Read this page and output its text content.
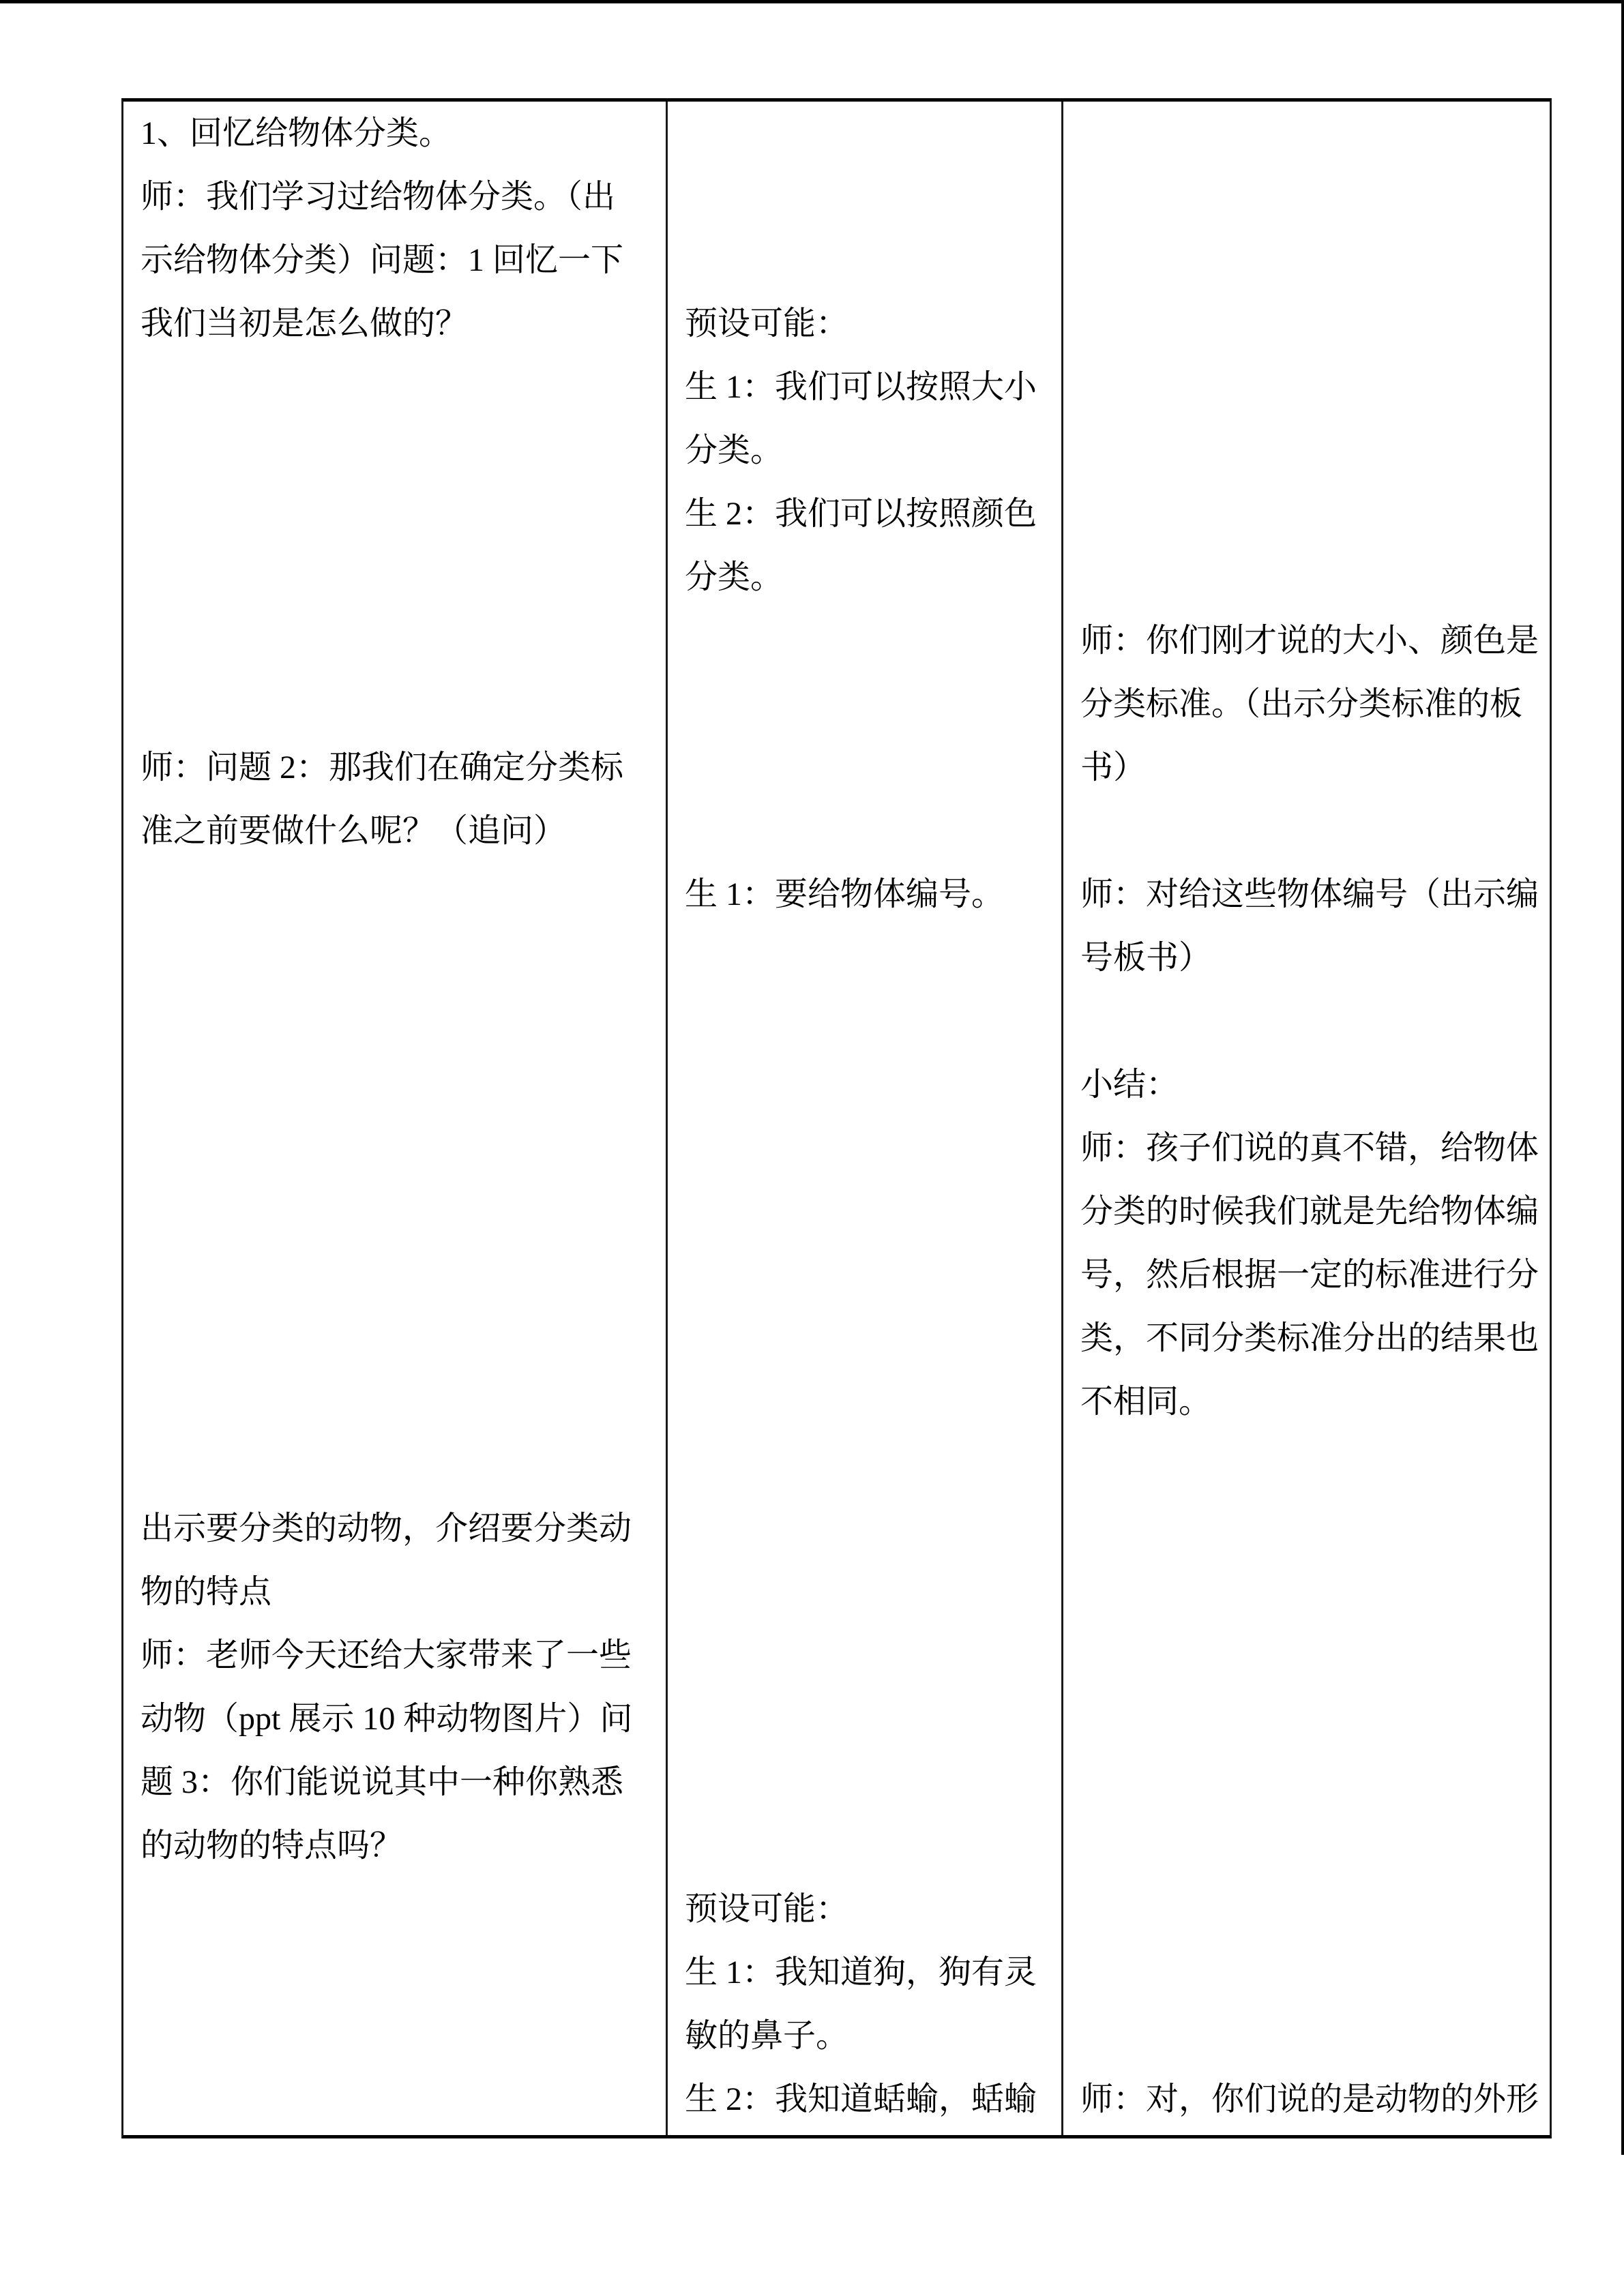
1、回忆给物体分类。
师：我们学习过给物体分类。（出
示给物体分类）问题：1 回忆一下
我们当初是怎么做的？
师：问题 2：那我们在确定分类标
准之前要做什么呢？（追问）
出示要分类的动物，介绍要分类动
物的特点
师：老师今天还给大家带来了一些
动物（ppt 展示 10 种动物图片）问
题 3：你们能说说其中一种你熟悉
的动物的特点吗？
预设可能：
生 1：我们可以按照大小
分类。
生 2：我们可以按照颜色
分类。
生 1：要给物体编号。
预设可能：
生 1：我知道狗，狗有灵
敏的鼻子。
生 2：我知道蛞蝓，蛞蝓
师：你们刚才说的大小、颜色是
分类标准。（出示分类标准的板
书）
师：对给这些物体编号（出示编
号板书）
小结：
师：孩子们说的真不错，给物体
分类的时候我们就是先给物体编
号，然后根据一定的标准进行分
类，不同分类标准分出的结果也
不相同。
师：对，你们说的是动物的外形
